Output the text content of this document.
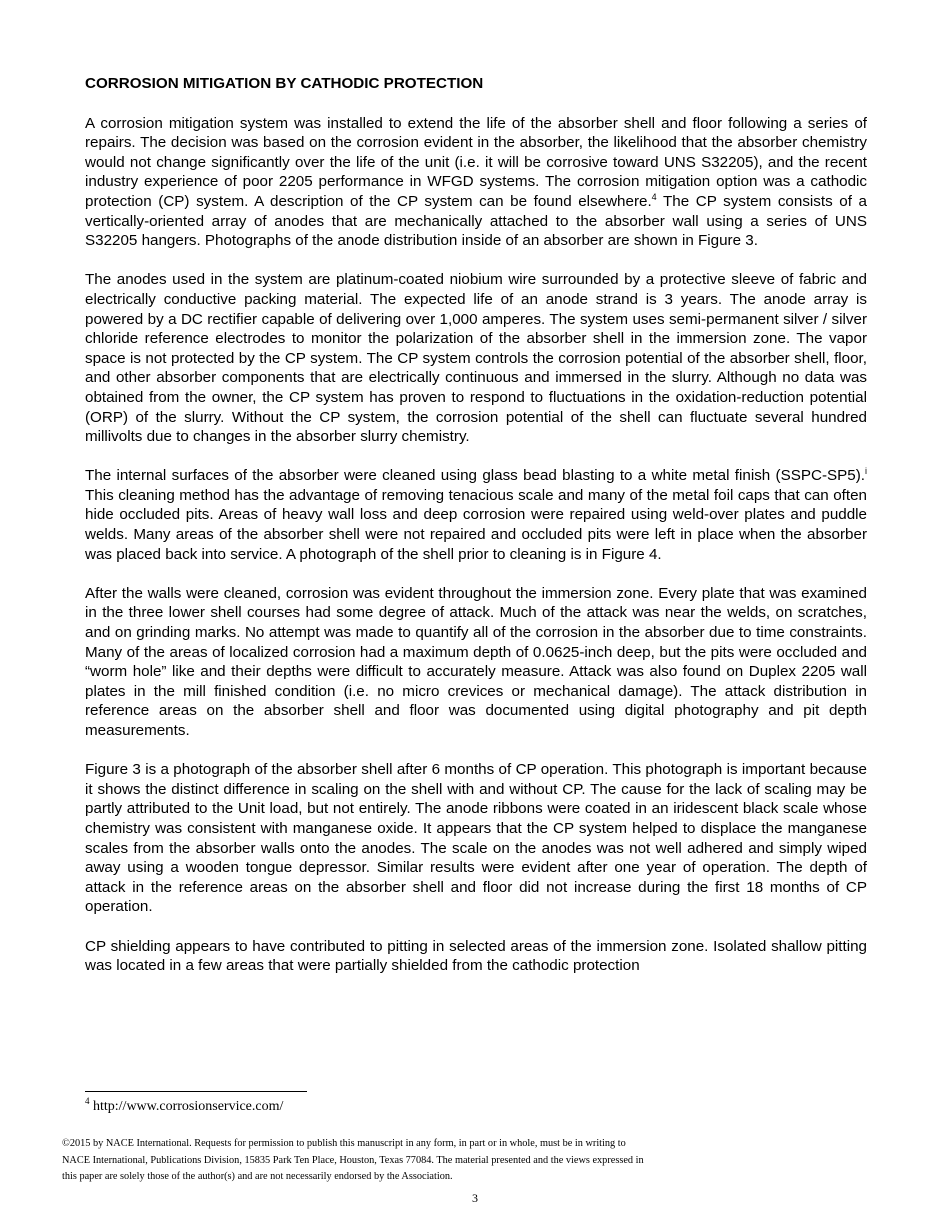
CORROSION MITIGATION BY CATHODIC PROTECTION

A corrosion mitigation system was installed to extend the life of the absorber shell and floor following a series of repairs. The decision was based on the corrosion evident in the absorber, the likelihood that the absorber chemistry would not change significantly over the life of the unit (i.e. it will be corrosive toward UNS S32205), and the recent industry experience of poor 2205 performance in WFGD systems. The corrosion mitigation option was a cathodic protection (CP) system. A description of the CP system can be found elsewhere.$^4$ The CP system consists of a vertically-oriented array of anodes that are mechanically attached to the absorber wall using a series of UNS S32205 hangers. Photographs of the anode distribution inside of an absorber are shown in Figure 3.

The anodes used in the system are platinum-coated niobium wire surrounded by a protective sleeve of fabric and electrically conductive packing material. The expected life of an anode strand is 3 years. The anode array is powered by a DC rectifier capable of delivering over 1,000 amperes. The system uses semi-permanent silver / silver chloride reference electrodes to monitor the polarization of the absorber shell in the immersion zone. The vapor space is not protected by the CP system. The CP system controls the corrosion potential of the absorber shell, floor, and other absorber components that are electrically continuous and immersed in the slurry. Although no data was obtained from the owner, the CP system has proven to respond to fluctuations in the oxidation-reduction potential (ORP) of the slurry. Without the CP system, the corrosion potential of the shell can fluctuate several hundred millivolts due to changes in the absorber slurry chemistry.

The internal surfaces of the absorber were cleaned using glass bead blasting to a white metal finish (SSPC-SP5).$^i$ This cleaning method has the advantage of removing tenacious scale and many of the metal foil caps that can often hide occluded pits. Areas of heavy wall loss and deep corrosion were repaired using weld-over plates and puddle welds. Many areas of the absorber shell were not repaired and occluded pits were left in place when the absorber was placed back into service. A photograph of the shell prior to cleaning is in Figure 4.

After the walls were cleaned, corrosion was evident throughout the immersion zone. Every plate that was examined in the three lower shell courses had some degree of attack. Much of the attack was near the welds, on scratches, and on grinding marks. No attempt was made to quantify all of the corrosion in the absorber due to time constraints. Many of the areas of localized corrosion had a maximum depth of 0.0625-inch deep, but the pits were occluded and “worm hole” like and their depths were difficult to accurately measure. Attack was also found on Duplex 2205 wall plates in the mill finished condition (i.e. no micro crevices or mechanical damage). The attack distribution in reference areas on the absorber shell and floor was documented using digital photography and pit depth measurements.

Figure 3 is a photograph of the absorber shell after 6 months of CP operation. This photograph is important because it shows the distinct difference in scaling on the shell with and without CP. The cause for the lack of scaling may be partly attributed to the Unit load, but not entirely. The anode ribbons were coated in an iridescent black scale whose chemistry was consistent with manganese oxide. It appears that the CP system helped to displace the manganese scales from the absorber walls onto the anodes. The scale on the anodes was not well adhered and simply wiped away using a wooden tongue depressor. Similar results were evident after one year of operation. The depth of attack in the reference areas on the absorber shell and floor did not increase during the first 18 months of CP operation.

CP shielding appears to have contributed to pitting in selected areas of the immersion zone. Isolated shallow pitting was located in a few areas that were partially shielded from the cathodic protection

$^4$ http://www.corrosionservice.com/
©2015 by NACE International. Requests for permission to publish this manuscript in any form, in part or in whole, must be in writing to
NACE International, Publications Division, 15835 Park Ten Place, Houston, Texas 77084. The material presented and the views expressed in
this paper are solely those of the author(s) and are not necessarily endorsed by the Association.
3
